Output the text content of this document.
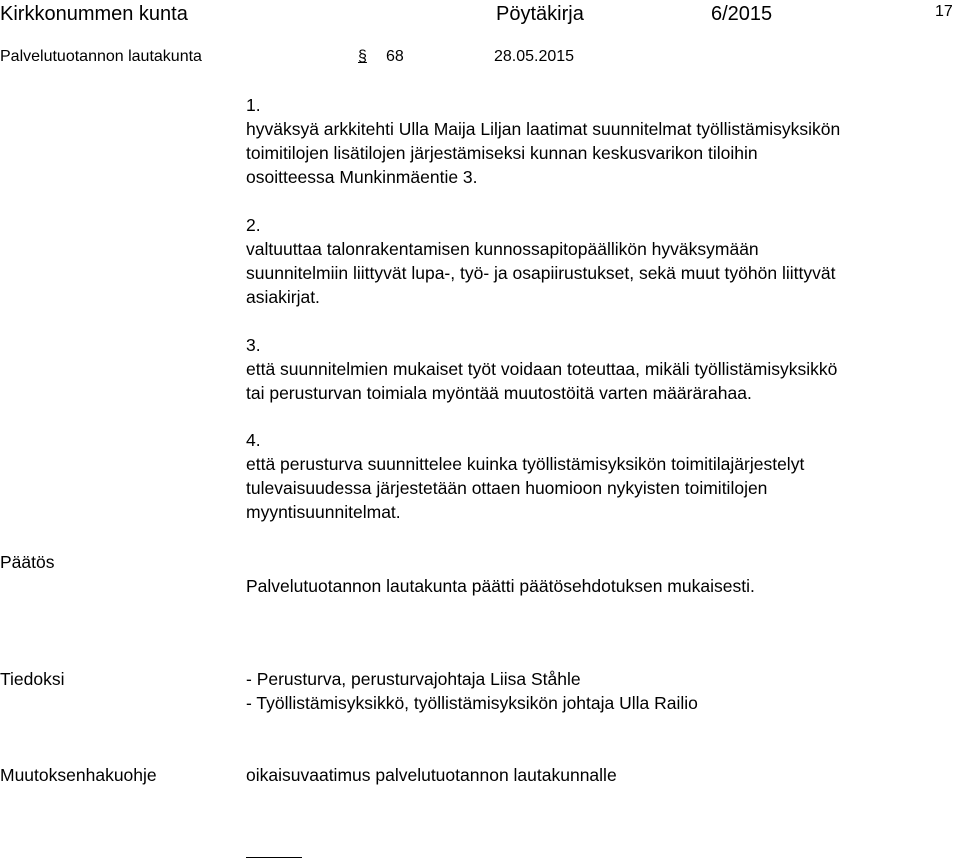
Kirkkonummen kunta	Pöytäkirja	6/2015	17
Palvelutuotannon lautakunta	§ 68	28.05.2015
1.
hyväksyä arkkitehti Ulla Maija Liljan laatimat suunnitelmat työllistämisyksikön
toimitilojen lisätilojen järjestämiseksi kunnan keskusvarikon tiloihin
osoitteessa Munkinmäentie 3.
2.
valtuuttaa talonrakentamisen kunnossapitopäällikön hyväksymään
suunnitelmiin liittyvät lupa-, työ- ja osapiirustukset, sekä muut työhön liittyvät
asiakirjat.
3.
että suunnitelmien mukaiset työt voidaan toteuttaa, mikäli työllistämisyksikkö
tai perusturvan toimiala myöntää muutostöitä varten määrärahaa.
4.
että perusturva suunnittelee kuinka työllistämisyksikön toimitilajärjestelyt
tulevaisuudessa järjestetään ottaen huomioon nykyisten toimitilojen
myyntisuunnitelmat.
Päätös
Palvelutuotannon lautakunta päätti päätösehdotuksen mukaisesti.
Tiedoksi	- Perusturva, perusturvajohtaja Liisa Ståhle
- Työllistämisyksikkö, työllistämisyksikön johtaja Ulla Railio
Muutoksenhakuohje	oikaisuvaatimus palvelutuotannon lautakunnalle
